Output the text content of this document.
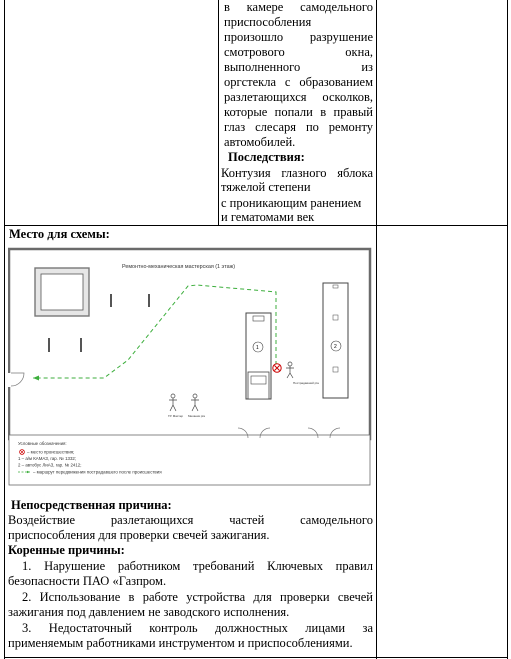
в камере самодельного
приспособления
произошло разрушение
смотрового окна,
выполненного из
оргстекла с образованием
разлетающихся осколков,
которые попали в правый
глаз слесаря по ремонту
автомобилей.
Последствия:
Контузия глазного яблока
тяжелой степени
с проникающим ранением
и гематомами век
Место для схемы:
Ремонтно-механическая мастерская (1 этаж)
1	2
Пострадавший р/а
ГР. Мастер Механик р/а
Условные обозначения:
– место происшествия;
1 – а/м КАМАЗ, гар. № 1332;
2 – автобус ЛиАЗ, гар. № 2412;
– маршрут передвижения пострадавшего после происшествия
Непосредственная причина:
Воздействие разлетающихся частей самодельного
приспособления для проверки свечей зажигания.
Коренные причины:
1. Нарушение работником требований Ключевых правил
безопасности ПАО «Газпром.
2. Использование в работе устройства для проверки свечей
зажигания под давлением не заводского исполнения.
3. Недостаточный контроль должностных лицами за
применяемым работниками инструментом и приспособлениями.
